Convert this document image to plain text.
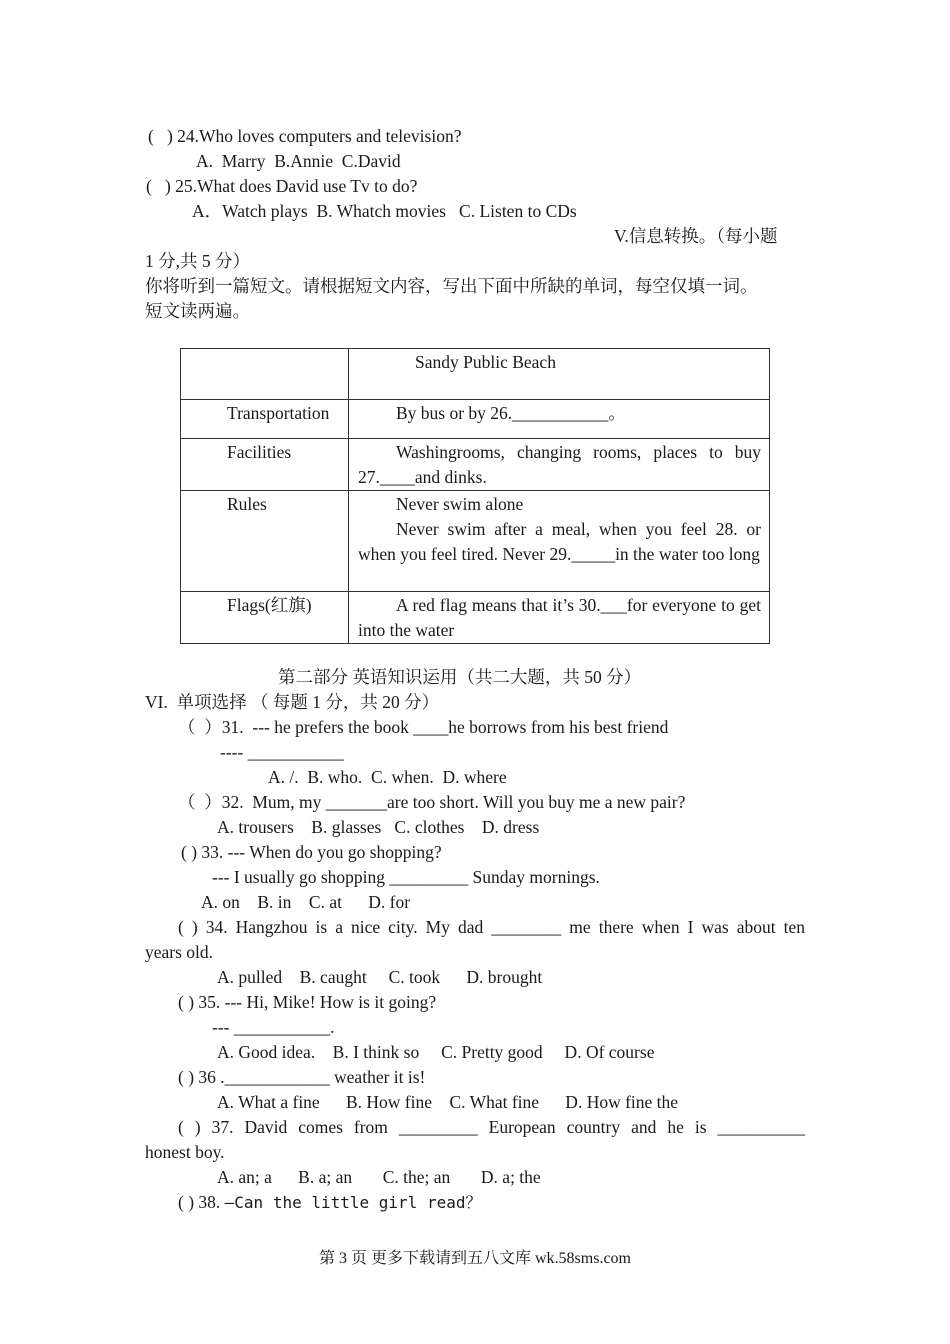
(   ) 24.Who loves computers and television?
A.  Marry  B.Annie  C.David
(   ) 25.What does David use Tv to do?
A．Watch plays  B. Whatch movies   C. Listen to CDs
V.信息转换。（每小题
1 分,共 5 分）
你将听到一篇短文。请根据短文内容，写出下面中所缺的单词，每空仅填一词。
短文读两遍。

	Sandy Public Beach

Transportation	By bus or by 26.___________。

Facilities	Washingrooms, changing rooms, places to buy 27.____and dinks.

Rules	Never swim alone
Never swim after a meal, when you feel 28. or when you feel tired. Never 29._____in the water too long

Flags(红旗)	A red flag means that it’s 30.___for everyone to get into the water
第二部分 英语知识运用（共二大题，共 50 分）
VI.  单项选择 （ 每题 1 分，共 20 分）
（  ）31.  --- he prefers the book ____he borrows from his best friend
---- ___________
A. /.  B. who.  C. when.  D. where
（  ）32.  Mum, my _______are too short. Will you buy me a new pair?
A. trousers    B. glasses   C. clothes    D. dress
( ) 33. --- When do you go shopping?
--- I usually go shopping _________ Sunday mornings.
A. on    B. in    C. at      D. for
( ) 34. Hangzhou is a nice city. My dad ________ me there when I was about ten
years old.
A. pulled    B. caught     C. took      D. brought
( ) 35. --- Hi, Mike! How is it going?
--- ___________.
A. Good idea.    B. I think so     C. Pretty good     D. Of course
( ) 36 .____________ weather it is!
A. What a fine      B. How fine    C. What fine      D. How fine the
( ) 37. David comes from _________ European country and he is __________
honest boy.
A. an; a      B. a; an       C. the; an       D. a; the
( ) 38. —Can the little girl read？
第 3 页 更多下载请到五八文库 wk.58sms.com
